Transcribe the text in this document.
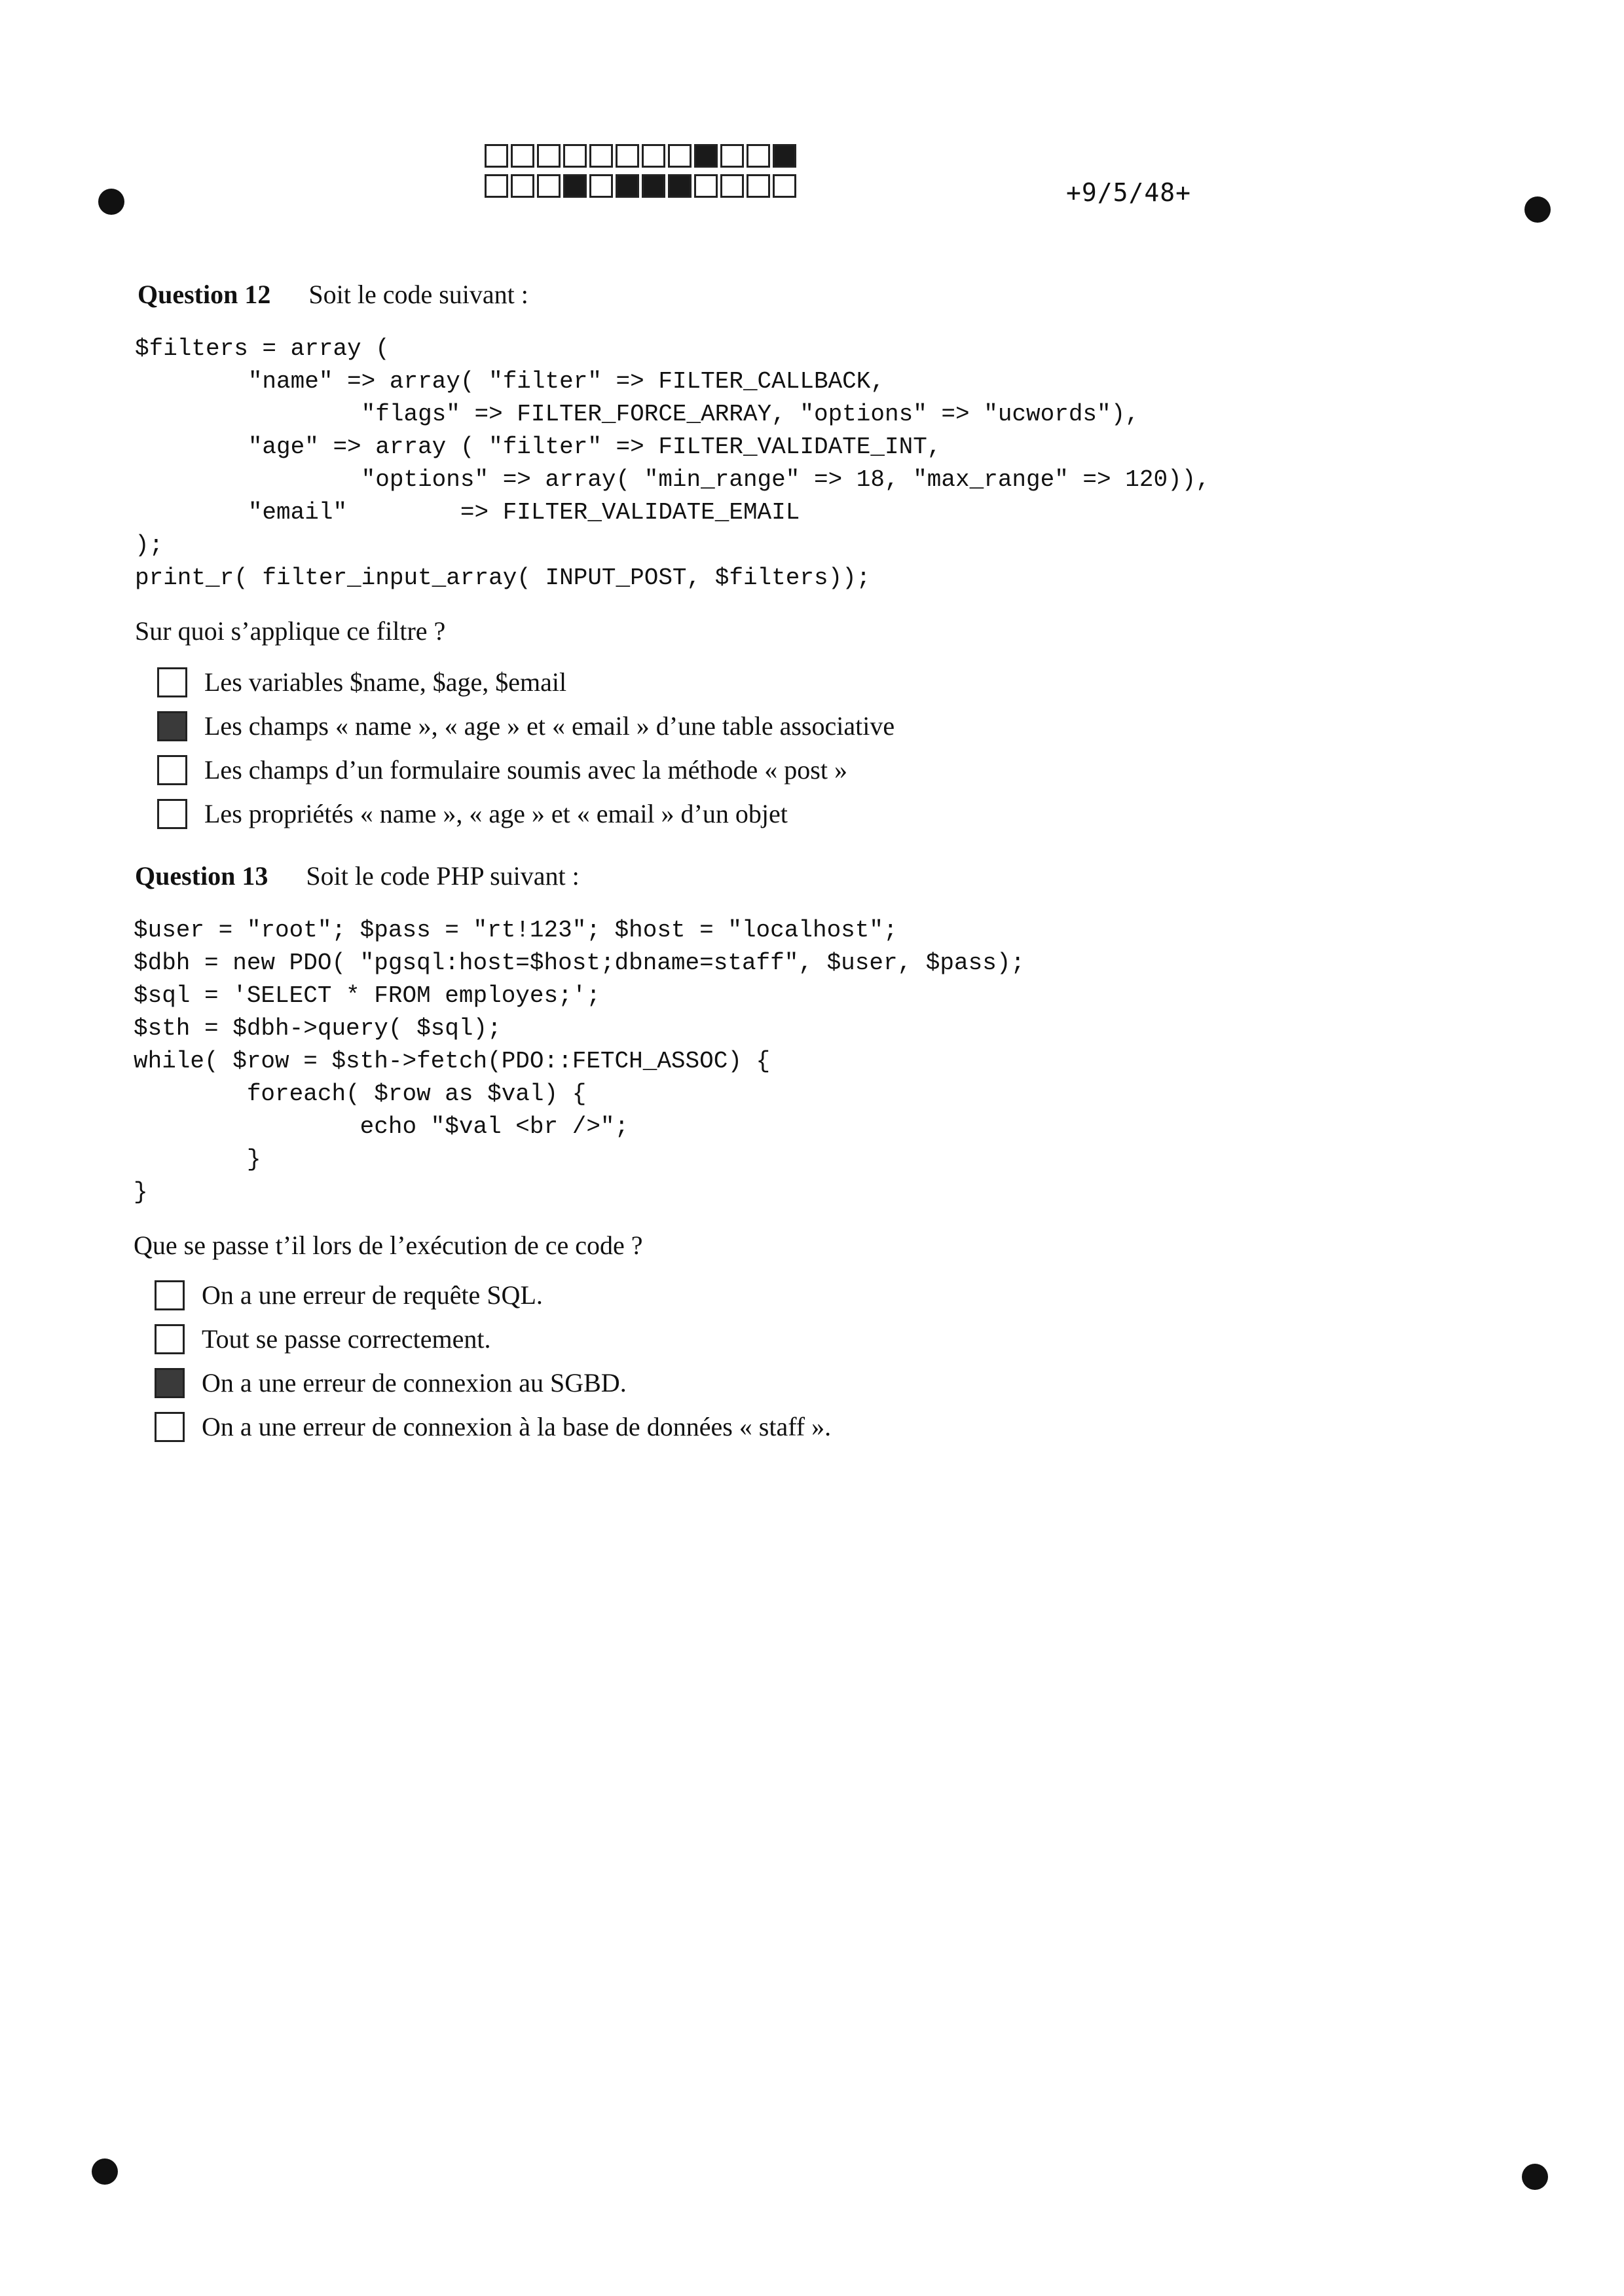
+9/5/48+
Question 12 Soit le code suivant :
$filters = array (
"name" => array( "filter" => FILTER_CALLBACK,
"flags" => FILTER_FORCE_ARRAY, "options" => "ucwords"),
"age" => array ( "filter" => FILTER_VALIDATE_INT,
"options" => array( "min_range" => 18, "max_range" => 120)),
"email"        => FILTER_VALIDATE_EMAIL
);
print_r( filter_input_array( INPUT_POST, $filters));
Sur quoi s’applique ce filtre ?
Les variables $name, $age, $email
Les champs « name », « age » et « email » d’une table associative
Les champs d’un formulaire soumis avec la méthode « post »
Les propriétés « name », « age » et « email » d’un objet
Question 13 Soit le code PHP suivant :
$user = "root"; $pass = "rt!123"; $host = "localhost";
$dbh = new PDO( "pgsql:host=$host;dbname=staff", $user, $pass);
$sql = 'SELECT * FROM employes;';
$sth = $dbh->query( $sql);
while( $row = $sth->fetch(PDO::FETCH_ASSOC) {
foreach( $row as $val) {
echo "$val <br />";
}
}
Que se passe t’il lors de l’exécution de ce code ?
On a une erreur de requête SQL.
Tout se passe correctement.
On a une erreur de connexion au SGBD.
On a une erreur de connexion à la base de données « staff ».
